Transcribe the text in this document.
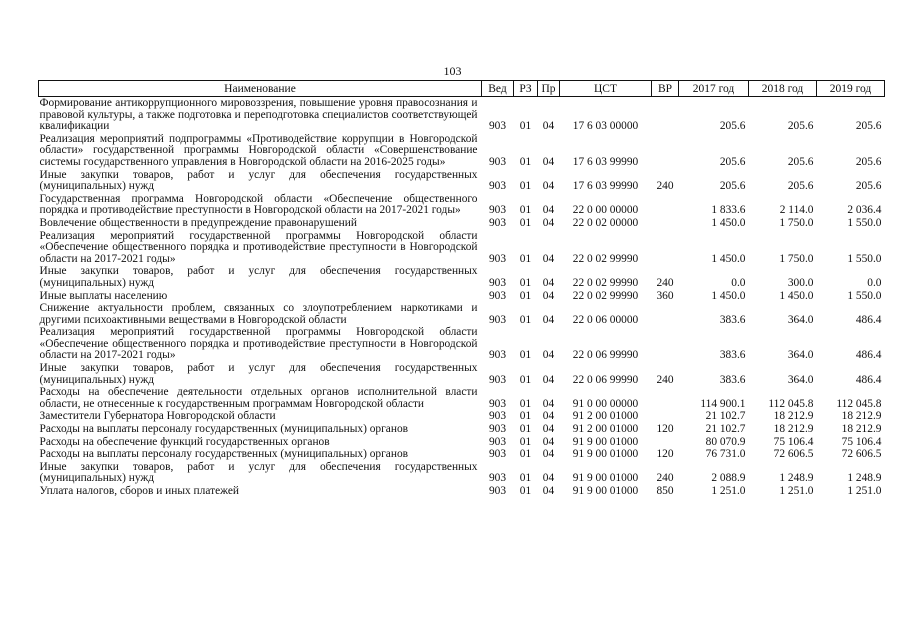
103
Наименование	Вед	РЗ	Пр	ЦСТ	ВР	2017 год	2018 год	2019 год
Формирование антикоррупционного мировоззрения, повышение уровня правосознания и правовой культуры, а также подготовка и переподготовка специалистов соответствующей квалификации	903	01	04	17 6 03 00000		205.6	205.6	205.6
Реализация мероприятий подпрограммы «Противодействие коррупции в Новгородской области» государственной программы Новгородской области «Совершенствование системы государственного управления в Новгородской области на 2016-2025 годы»	903	01	04	17 6 03 99990		205.6	205.6	205.6
Иные закупки товаров, работ и услуг для обеспечения государственных (муниципальных) нужд	903	01	04	17 6 03 99990	240	205.6	205.6	205.6
Государственная программа Новгородской области «Обеспечение общественного порядка и противодействие преступности в Новгородской области на 2017-2021 годы»	903	01	04	22 0 00 00000		1 833.6	2 114.0	2 036.4
Вовлечение общественности в предупреждение правонарушений	903	01	04	22 0 02 00000		1 450.0	1 750.0	1 550.0
Реализация мероприятий государственной программы Новгородской области «Обеспечение общественного порядка и противодействие преступности в Новгородской области на 2017-2021 годы»	903	01	04	22 0 02 99990		1 450.0	1 750.0	1 550.0
Иные закупки товаров, работ и услуг для обеспечения государственных (муниципальных) нужд	903	01	04	22 0 02 99990	240	0.0	300.0	0.0
Иные выплаты населению	903	01	04	22 0 02 99990	360	1 450.0	1 450.0	1 550.0
Снижение актуальности проблем, связанных со злоупотреблением наркотиками и другими психоактивными веществами в Новгородской области	903	01	04	22 0 06 00000		383.6	364.0	486.4
Реализация мероприятий государственной программы Новгородской области «Обеспечение общественного порядка и противодействие преступности в Новгородской области на 2017-2021 годы»	903	01	04	22 0 06 99990		383.6	364.0	486.4
Иные закупки товаров, работ и услуг для обеспечения государственных (муниципальных) нужд	903	01	04	22 0 06 99990	240	383.6	364.0	486.4
Расходы на обеспечение деятельности отдельных органов исполнительной власти области, не отнесенные к государственным программам Новгородской области	903	01	04	91 0 00 00000		114 900.1	112 045.8	112 045.8
Заместители Губернатора Новгородской области	903	01	04	91 2 00 01000		21 102.7	18 212.9	18 212.9
Расходы на выплаты персоналу государственных (муниципальных) органов	903	01	04	91 2 00 01000	120	21 102.7	18 212.9	18 212.9
Расходы на обеспечение функций государственных органов	903	01	04	91 9 00 01000		80 070.9	75 106.4	75 106.4
Расходы на выплаты персоналу государственных (муниципальных) органов	903	01	04	91 9 00 01000	120	76 731.0	72 606.5	72 606.5
Иные закупки товаров, работ и услуг для обеспечения государственных (муниципальных) нужд	903	01	04	91 9 00 01000	240	2 088.9	1 248.9	1 248.9
Уплата налогов, сборов и иных платежей	903	01	04	91 9 00 01000	850	1 251.0	1 251.0	1 251.0
